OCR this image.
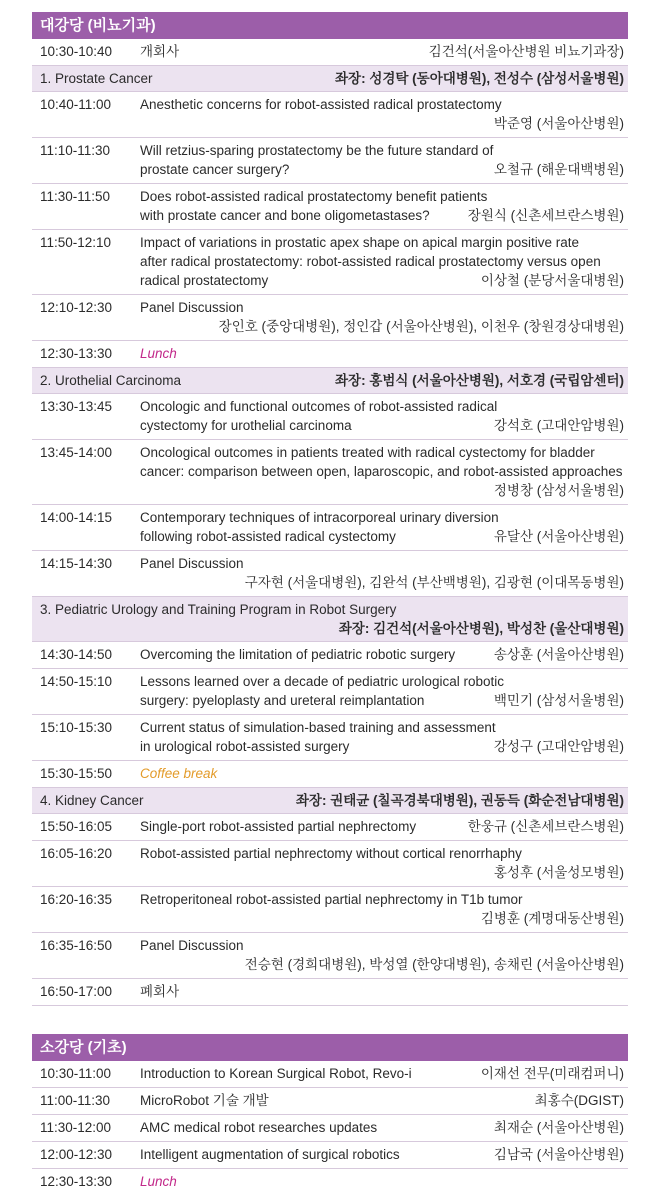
대강당 (비뇨기과)
10:30-10:40	개회사	김건석(서울아산병원 비뇨기과장)
1. Prostate Cancer	좌장: 성경탁 (동아대병원), 전성수 (삼성서울병원)
10:40-11:00	Anesthetic concerns for robot-assisted radical prostatectomy
박준영 (서울아산병원)
11:10-11:30	Will retzius-sparing prostatectomy be the future standard of prostate cancer surgery?	오철규 (해운대백병원)
11:30-11:50	Does robot-assisted radical prostatectomy benefit patients with prostate cancer and bone oligometastases?	장원식 (신촌세브란스병원)
11:50-12:10	Impact of variations in prostatic apex shape on apical margin positive rate after radical prostatectomy: robot-assisted radical prostatectomy versus open radical prostatectomy	이상철 (분당서울대병원)
12:10-12:30	Panel Discussion
장인호 (중앙대병원), 정인갑 (서울아산병원), 이천우 (창원경상대병원)
12:30-13:30	Lunch
2. Urothelial Carcinoma	좌장: 홍범식 (서울아산병원), 서호경 (국립암센터)
13:30-13:45	Oncologic and functional outcomes of robot-assisted radical cystectomy for urothelial carcinoma	강석호 (고대안암병원)
13:45-14:00	Oncological outcomes in patients treated with radical cystectomy for bladder cancer: comparison between open, laparoscopic, and robot-assisted approaches
정병창 (삼성서울병원)
14:00-14:15	Contemporary techniques of intracorporeal urinary diversion following robot-assisted radical cystectomy	유달산 (서울아산병원)
14:15-14:30	Panel Discussion
구자현 (서울대병원), 김완석 (부산백병원), 김광현 (이대목동병원)
3. Pediatric Urology and Training Program in Robot Surgery
좌장: 김건석(서울아산병원), 박성찬 (울산대병원)
14:30-14:50	Overcoming the limitation of pediatric robotic surgery	송상훈 (서울아산병원)
14:50-15:10	Lessons learned over a decade of pediatric urological robotic surgery: pyeloplasty and ureteral reimplantation	백민기 (삼성서울병원)
15:10-15:30	Current status of simulation-based training and assessment in urological robot-assisted surgery	강성구 (고대안암병원)
15:30-15:50	Coffee break
4. Kidney Cancer	좌장: 권태균 (칠곡경북대병원), 권동득 (화순전남대병원)
15:50-16:05	Single-port robot-assisted partial nephrectomy	한웅규 (신촌세브란스병원)
16:05-16:20	Robot-assisted partial nephrectomy without cortical renorrhaphy
홍성후 (서울성모병원)
16:20-16:35	Retroperitoneal robot-assisted partial nephrectomy in T1b tumor
김병훈 (계명대동산병원)
16:35-16:50	Panel Discussion
전승현 (경희대병원), 박성열 (한양대병원), 송채린 (서울아산병원)
16:50-17:00	폐회사
소강당 (기초)
10:30-11:00	Introduction to Korean Surgical Robot, Revo-i	이재선 전무(미래컴퍼니)
11:00-11:30	MicroRobot 기술 개발	최홍수(DGIST)
11:30-12:00	AMC medical robot researches updates	최재순 (서울아산병원)
12:00-12:30	Intelligent augmentation of surgical robotics	김남국 (서울아산병원)
12:30-13:30	Lunch
